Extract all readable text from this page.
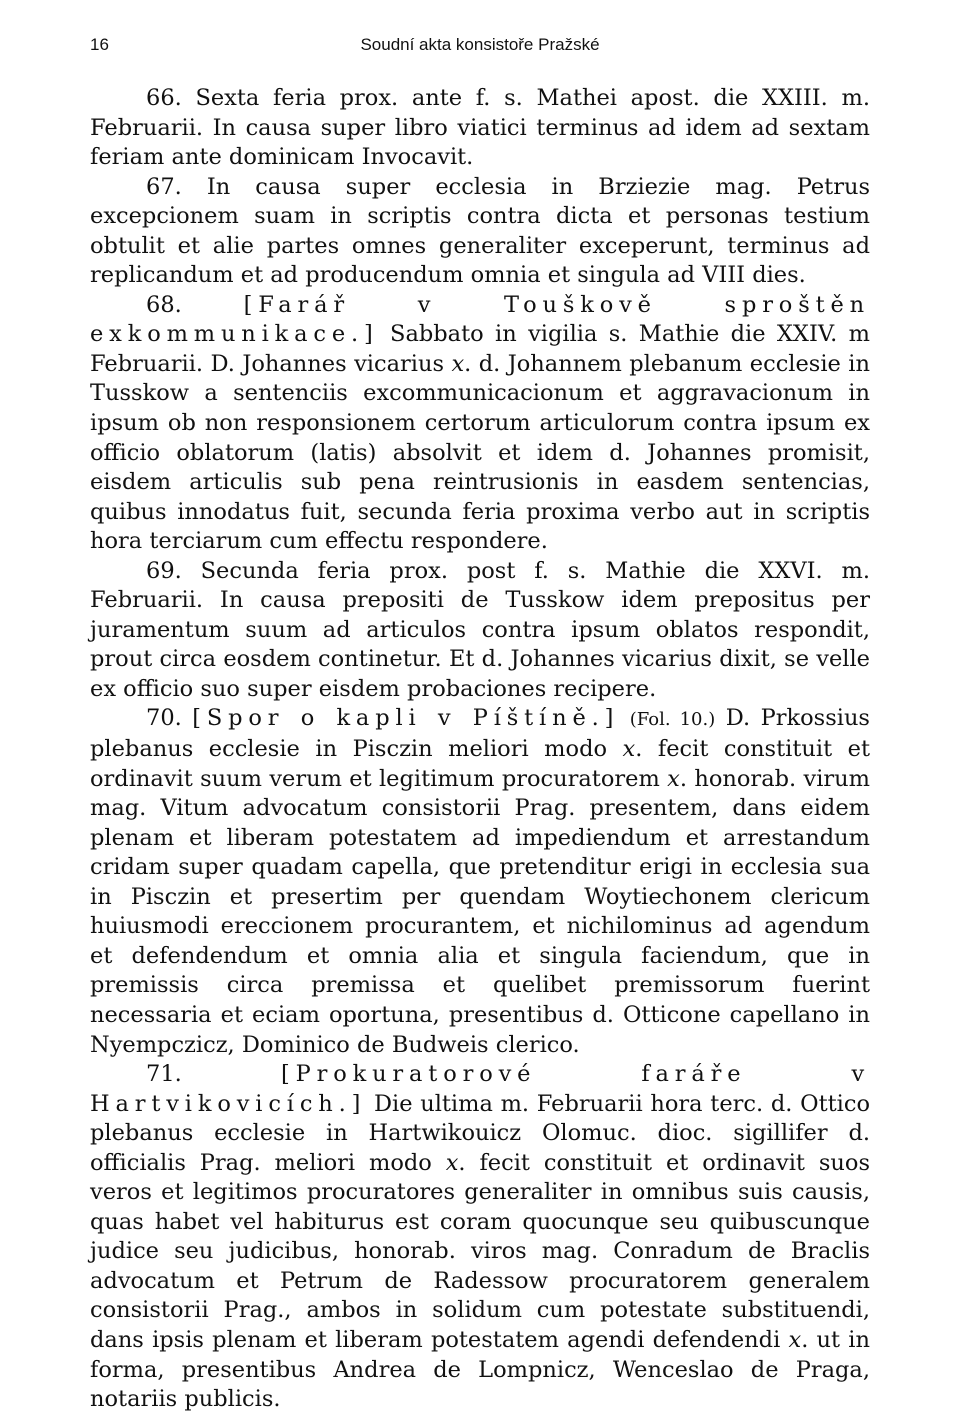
16	Soudní akta konsistoře Pražské

66. Sexta feria prox. ante f. s. Mathei apost. die XXIII. m. Februarii. In causa super libro viatici terminus ad idem ad sextam feriam ante dominicam Invocavit.

67. In causa super ecclesia in Brziezie mag. Petrus excepcionem suam in scriptis contra dicta et personas testium obtulit et alie partes omnes generaliter exceperunt, terminus ad replicandum et ad producendum omnia et singula ad VIII dies.

68.	[Farář v Touškově sproštěn exkommunikace.] Sabbato in vigilia s. Mathie die XXIV. m Februarii. D. Johannes vicarius x. d. Johannem plebanum ecclesie in Tusskow a sentenciis excommunicacionum et aggravacionum in ipsum ob non responsionem certorum articulorum contra ipsum ex officio oblatorum (latis) absolvit et idem d. Johannes promisit, eisdem articulis sub pena reintrusionis in easdem sentencias, quibus innodatus fuit, secunda feria proxima verbo aut in scriptis hora terciarum cum effectu respondere.

69. Secunda feria prox. post f. s. Mathie die XXVI. m. Februarii. In causa prepositi de Tusskow idem prepositus per juramentum suum ad articulos contra ipsum oblatos respondit, prout circa eosdem continetur. Et d. Johannes vicarius dixit, se velle ex officio suo super eisdem probaciones recipere.

70. [Spor o kapli v Píštíně.] (Fol. 10.) D. Prkossius plebanus ecclesie in Pisczin meliori modo x. fecit constituit et ordinavit suum verum et legitimum procuratorem x. honorab. virum mag. Vitum advocatum consistorii Prag. presentem, dans eidem plenam et liberam potestatem ad impediendum et arrestandum cridam super quadam capella, que pretenditur erigi in ecclesia sua in Pisczin et presertim per quendam Woytiechonem clericum huiusmodi ereccionem procurantem, et nichilominus ad agendum et defendendum et omnia alia et singula faciendum, que in premissis circa premissa et quelibet premissorum fuerint necessaria et eciam oportuna, presentibus d. Otticone capellano in Nyempczicz, Dominico de Budweis clerico.

71.	[Prokuratorové faráře v Hartvikovicích.] Die ultima m. Februarii hora terc. d. Ottico plebanus ecclesie in Hartwikouicz Olomuc. dioc. sigillifer d. officialis Prag. meliori modo x. fecit constituit et ordinavit suos veros et legitimos procuratores generaliter in omnibus suis causis, quas habet vel habiturus est coram quocunque seu quibuscunque judice seu judicibus, honorab. viros mag. Conradum de Braclis advocatum et Petrum de Radessow procuratorem generalem consistorii Prag., ambos in solidum cum potestate substituendi, dans ipsis plenam et liberam potestatem agendi defendendi x. ut in forma, presentibus Andrea de Lompnicz, Wenceslao de Praga, notariis publicis.
